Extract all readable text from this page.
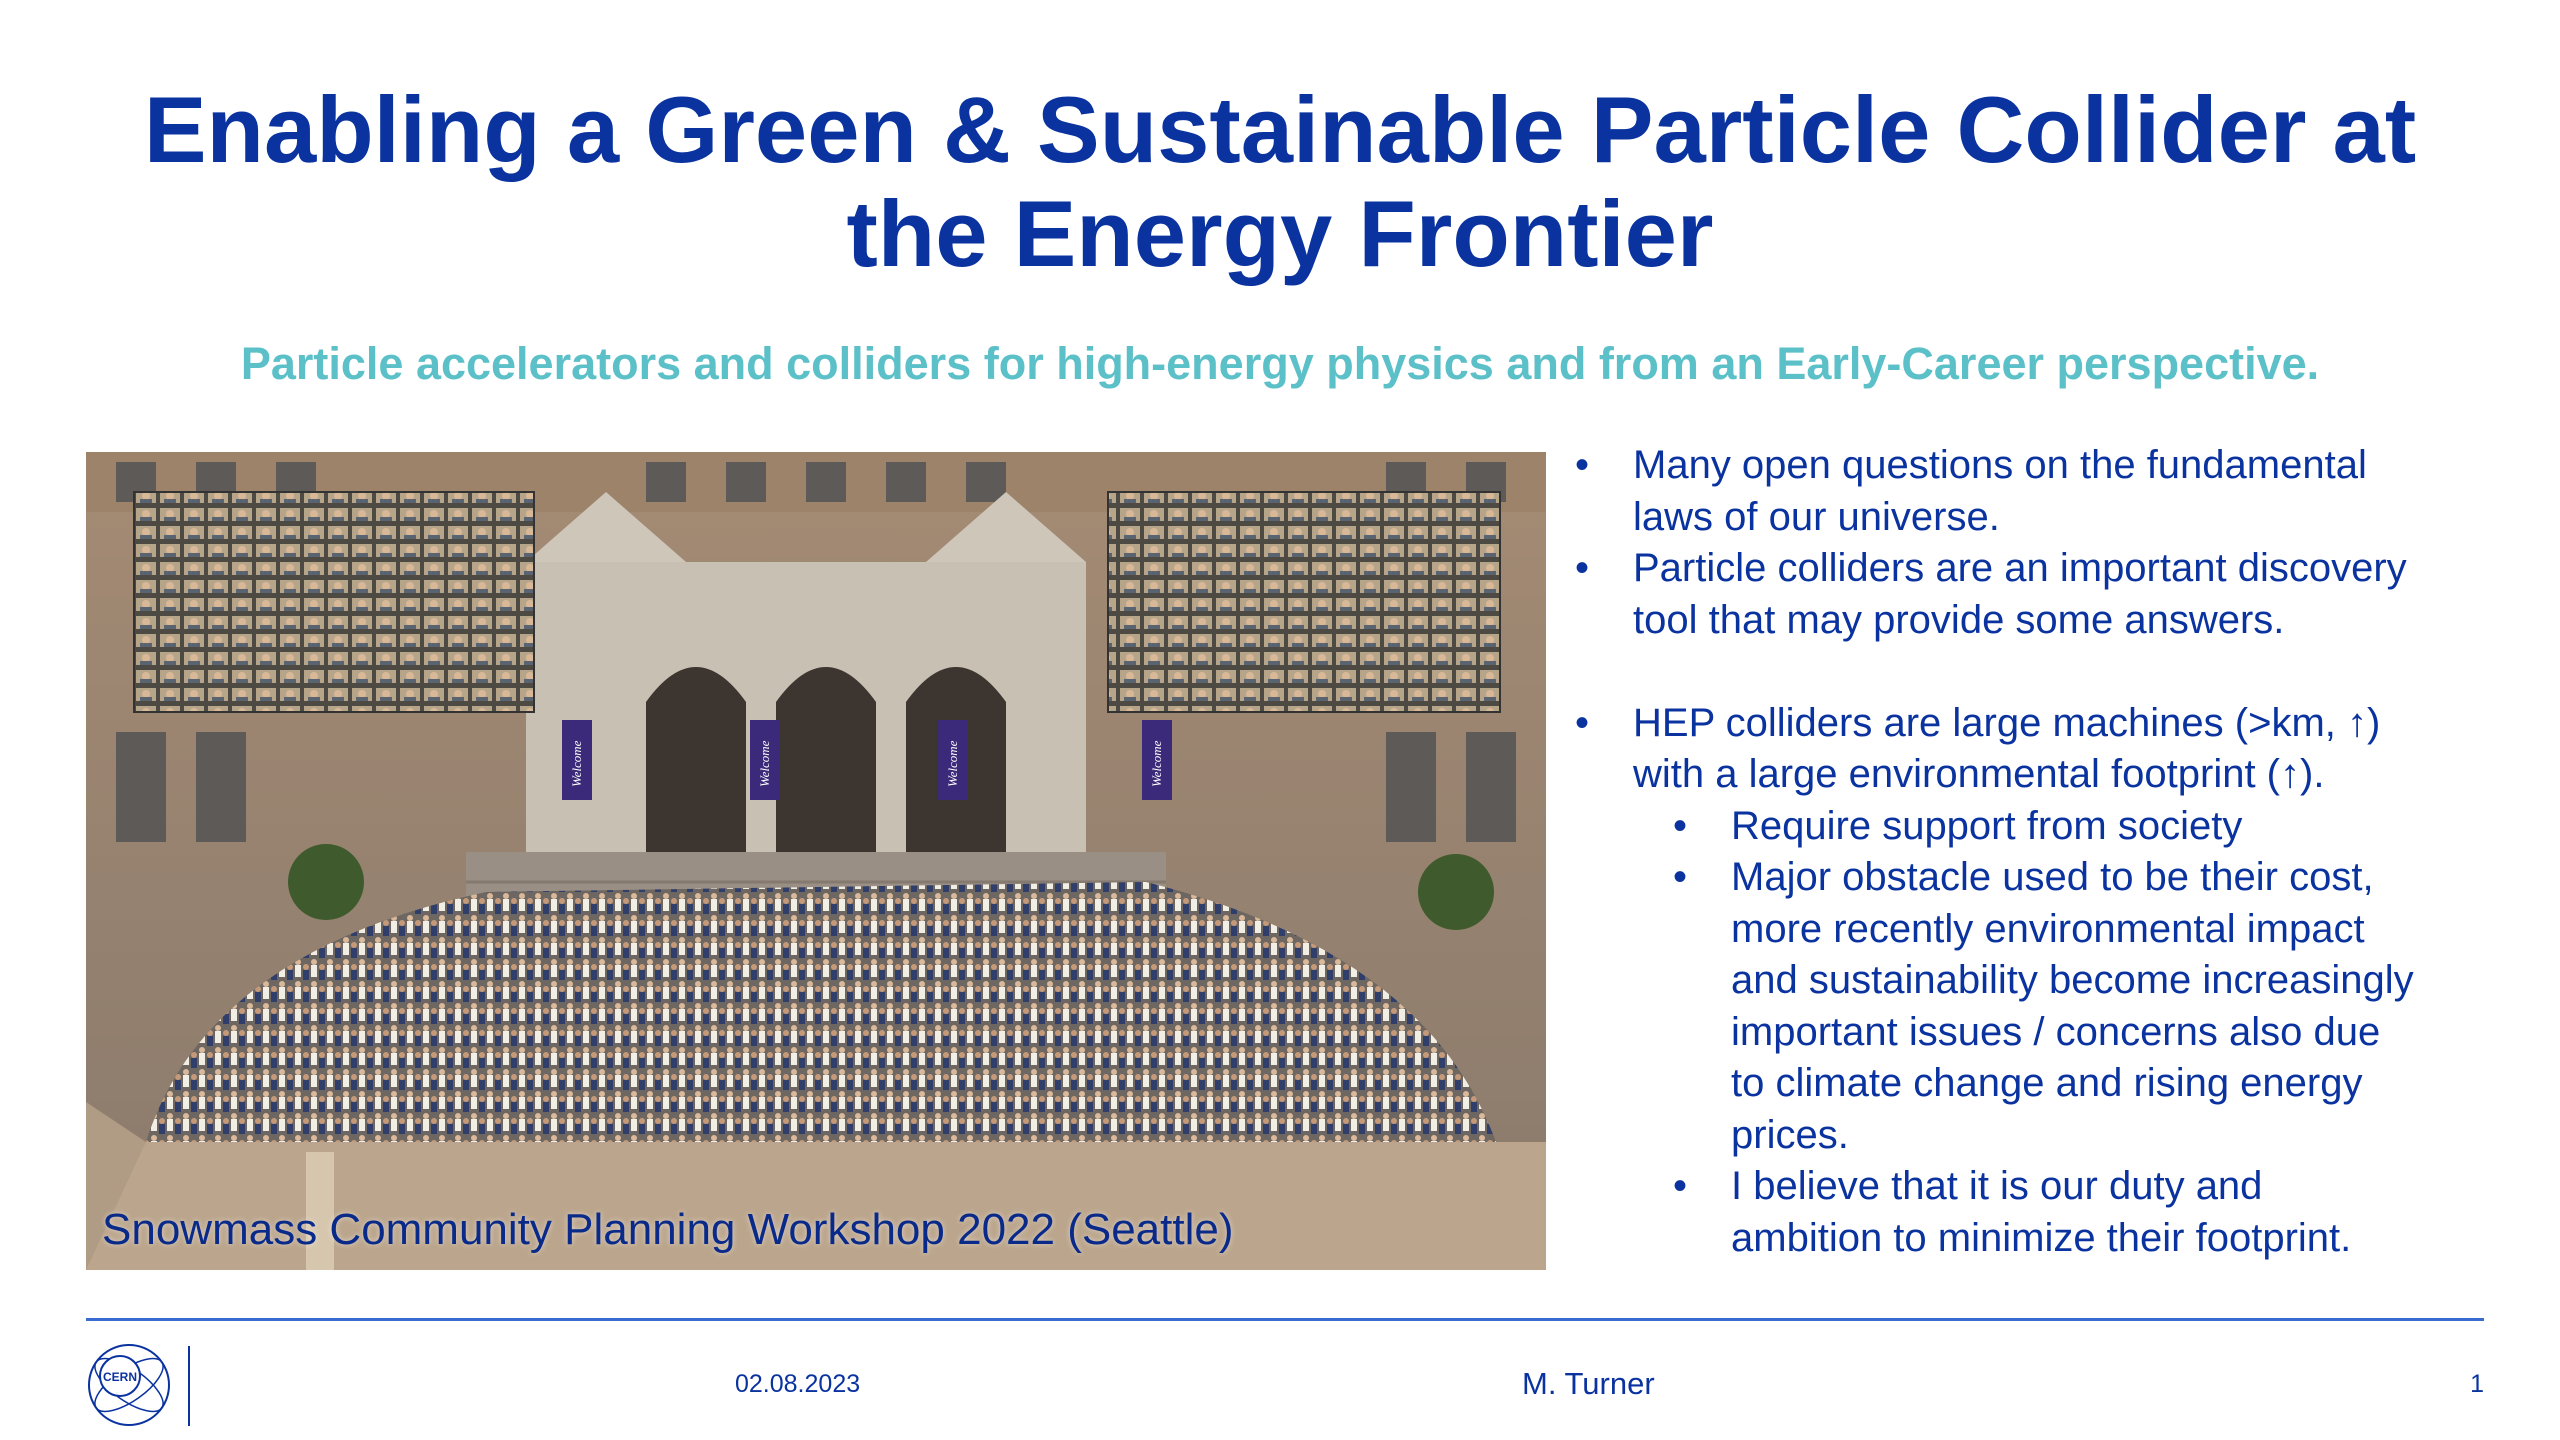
Enabling a Green & Sustainable Particle Collider at
the Energy Frontier
Particle accelerators and colliders for high-energy physics and from an Early-Career perspective.
Welcome	Welcome	Welcome	Welcome
Snowmass Community Planning Workshop 2022 (Seattle)
•	Many open questions on the fundamental
laws of our universe.
•	Particle colliders are an important discovery
tool that may provide some answers.
•	HEP colliders are large machines (>km, ↑)
with a large environmental footprint (↑).
•	Require support from society
•	Major obstacle used to be their cost,
more recently environmental impact
and sustainability become increasingly
important issues / concerns also due
to climate change and rising energy
prices.
•	I believe that it is our duty and
ambition to minimize their footprint.
CERN	02.08.2023	M. Turner	1
